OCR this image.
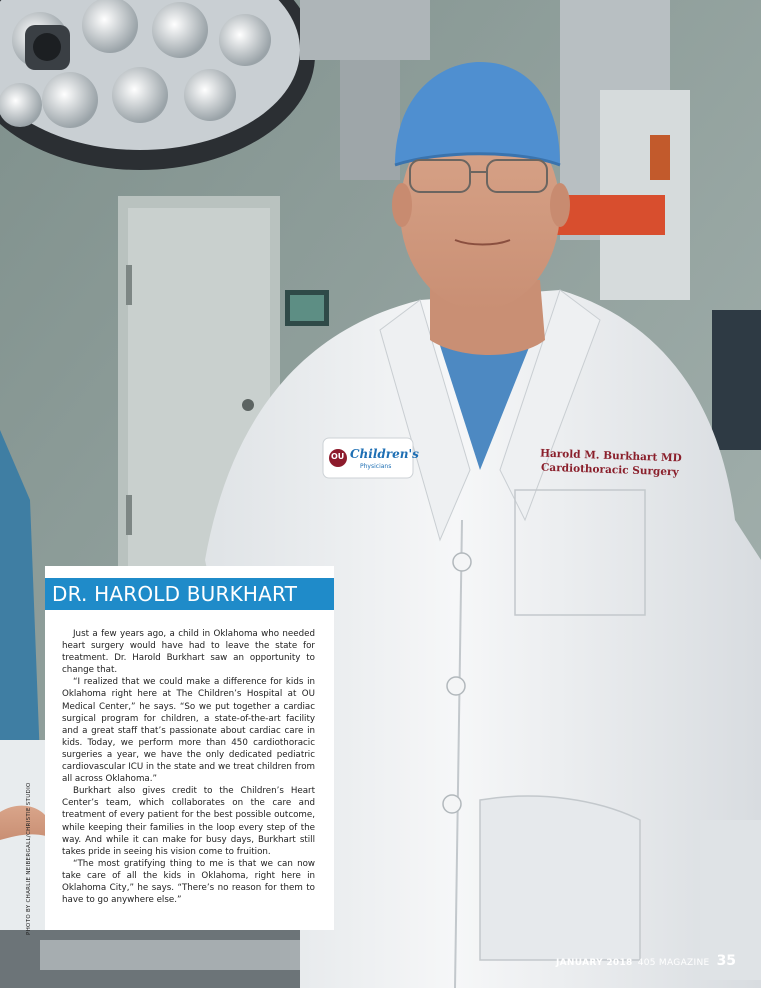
OU Children's
Physicians
Harold M. Burkhart MD
Cardiothoracic Surgery
PHOTO BY CHARLIE NEIBERGALL/CHRISTIE STUDIO
DR. HAROLD BURKHART

Just a few years ago, a child in Oklahoma who needed heart surgery would have had to leave the state for treatment. Dr. Harold Burkhart saw an opportunity to change that.

“I realized that we could make a difference for kids in Oklahoma right here at The Children’s Hospital at OU Medical Center,” he says. “So we put together a cardiac surgical program for children, a state-of-the-art facility and a great staff that’s passionate about cardiac care in kids. Today, we perform more than 450 cardiothoracic surgeries a year, we have the only dedicated pediatric cardiovascular ICU in the state and we treat children from all across Oklahoma.”

Burkhart also gives credit to the Children’s Heart Center’s team, which collaborates on the care and treatment of every patient for the best possible outcome, while keeping their families in the loop every step of the way. And while it can make for busy days, Burkhart still takes pride in seeing his vision come to fruition.

“The most gratifying thing to me is that we can now take care of all the kids in Oklahoma, right here in Oklahoma City,” he says. “There’s no reason for them to have to go anywhere else.”

JANUARY 2018 405 MAGAZINE 35
